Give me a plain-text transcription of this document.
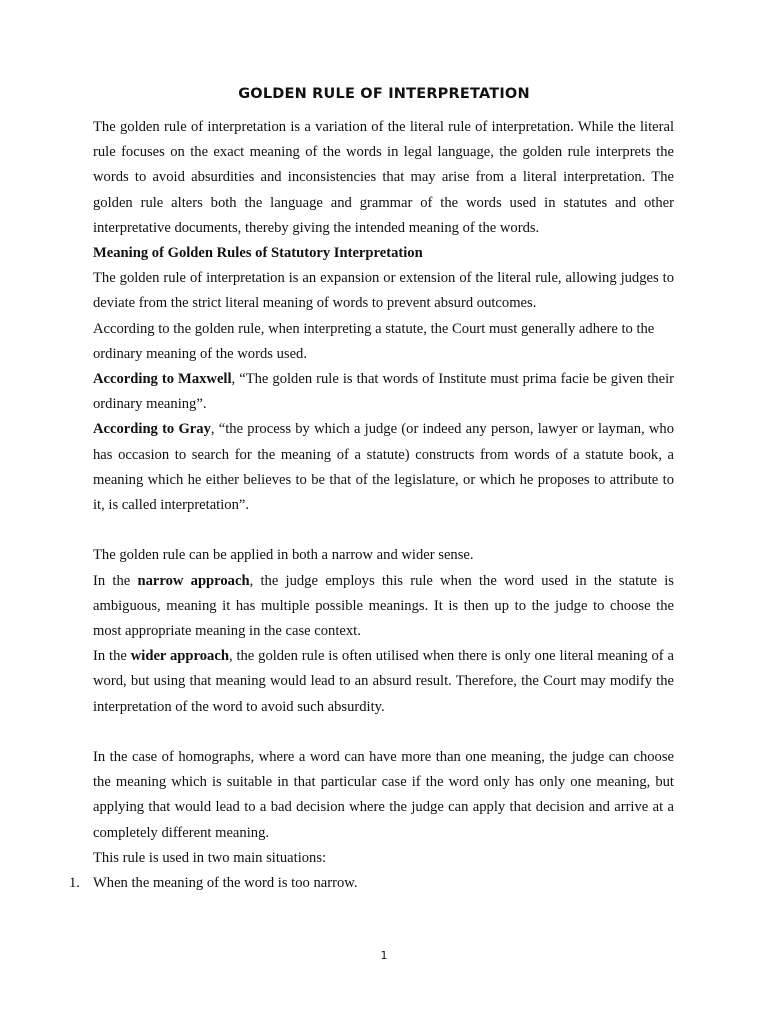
GOLDEN RULE OF INTERPRETATION

The golden rule of interpretation is a variation of the literal rule of interpretation. While the literal rule focuses on the exact meaning of the words in legal language, the golden rule interprets the words to avoid absurdities and inconsistencies that may arise from a literal interpretation. The golden rule alters both the language and grammar of the words used in statutes and other interpretative documents, thereby giving the intended meaning of the words.

Meaning of Golden Rules of Statutory Interpretation

The golden rule of interpretation is an expansion or extension of the literal rule, allowing judges to deviate from the strict literal meaning of words to prevent absurd outcomes.

According to the golden rule, when interpreting a statute, the Court must generally adhere to the ordinary meaning of the words used.

According to Maxwell, “The golden rule is that words of Institute must prima facie be given their ordinary meaning”.

According to Gray, “the process by which a judge (or indeed any person, lawyer or layman, who has occasion to search for the meaning of a statute) constructs from words of a statute book, a meaning which he either believes to be that of the legislature, or which he proposes to attribute to it, is called interpretation”.

The golden rule can be applied in both a narrow and wider sense.

In the narrow approach, the judge employs this rule when the word used in the statute is ambiguous, meaning it has multiple possible meanings. It is then up to the judge to choose the most appropriate meaning in the case context.

In the wider approach, the golden rule is often utilised when there is only one literal meaning of a word, but using that meaning would lead to an absurd result. Therefore, the Court may modify the interpretation of the word to avoid such absurdity.

In the case of homographs, where a word can have more than one meaning, the judge can choose the meaning which is suitable in that particular case if the word only has only one meaning, but applying that would lead to a bad decision where the judge can apply that decision and arrive at a completely different meaning.

This rule is used in two main situations:

1. When the meaning of the word is too narrow.

1
